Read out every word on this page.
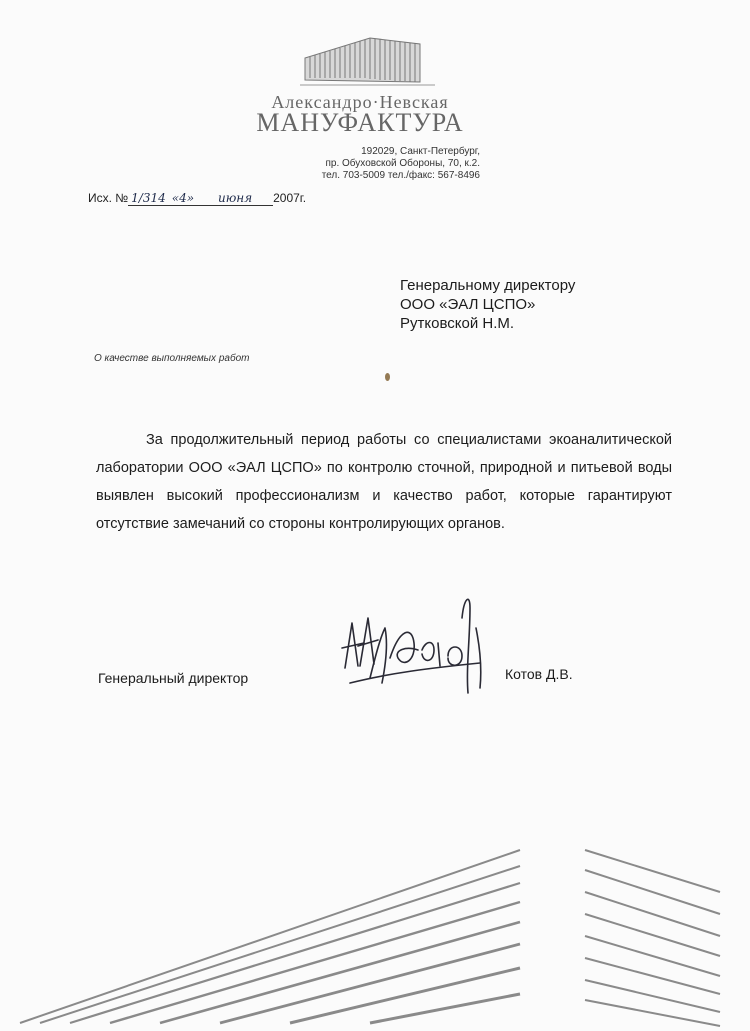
Александро·Невская
МАНУФАКТУРА
192029, Санкт-Петербург,
пр. Обуховской Обороны, 70, к.2.
тел. 703-5009 тел./факс: 567-8496
Исх. № 1/314 «4» июня 2007г.
Генеральному директору
ООО «ЭАЛ ЦСПО»
Рутковской Н.М.
О качестве выполняемых работ
За продолжительный период работы со специалистами экоаналитической лаборатории ООО «ЭАЛ ЦСПО» по контролю сточной, природной и питьевой воды выявлен высокий профессионализм и качество работ, которые гарантируют отсутствие замечаний со стороны контролирующих органов.
Генеральный директор	Котов Д.В.
